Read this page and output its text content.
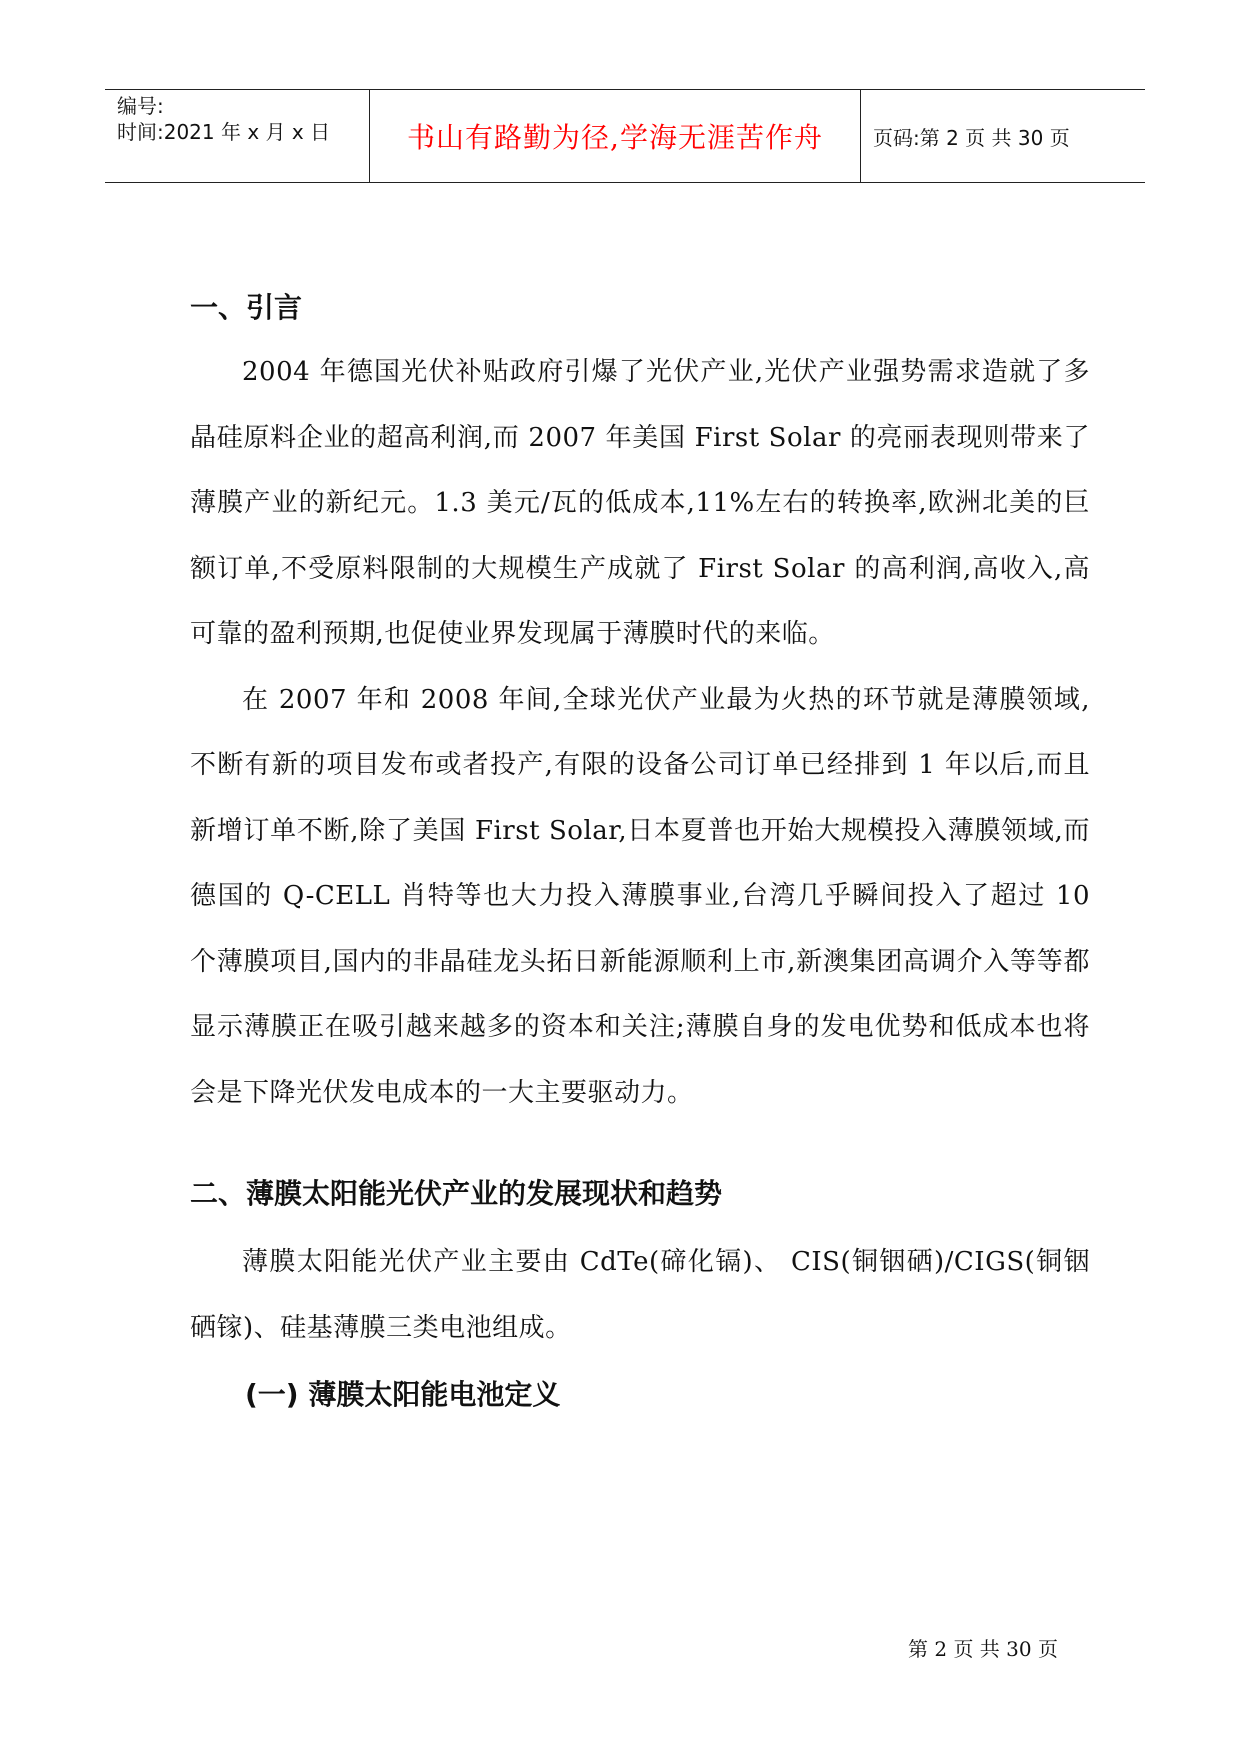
编号:
时间:2021 年 x 月 x 日	书山有路勤为径,学海无涯苦作舟	页码:第 2 页 共 30 页
一、引言

2004 年德国光伏补贴政府引爆了光伏产业,光伏产业强势需求造就了多晶硅原料企业的超高利润,而 2007 年美国 First Solar 的亮丽表现则带来了薄膜产业的新纪元。1.3 美元/瓦的低成本,11%左右的转换率,欧洲北美的巨额订单,不受原料限制的大规模生产成就了 First Solar 的高利润,高收入,高可靠的盈利预期,也促使业界发现属于薄膜时代的来临。

在 2007 年和 2008 年间,全球光伏产业最为火热的环节就是薄膜领域,不断有新的项目发布或者投产,有限的设备公司订单已经排到 1 年以后,而且新增订单不断,除了美国 First Solar,日本夏普也开始大规模投入薄膜领域,而德国的 Q-CELL 肖特等也大力投入薄膜事业,台湾几乎瞬间投入了超过 10 个薄膜项目,国内的非晶硅龙头拓日新能源顺利上市,新澳集团高调介入等等都显示薄膜正在吸引越来越多的资本和关注;薄膜自身的发电优势和低成本也将会是下降光伏发电成本的一大主要驱动力。

二、薄膜太阳能光伏产业的发展现状和趋势

薄膜太阳能光伏产业主要由 CdTe(碲化镉)、 CIS(铜铟硒)/CIGS(铜铟硒镓)、硅基薄膜三类电池组成。

(一) 薄膜太阳能电池定义
第 2 页 共 30 页
